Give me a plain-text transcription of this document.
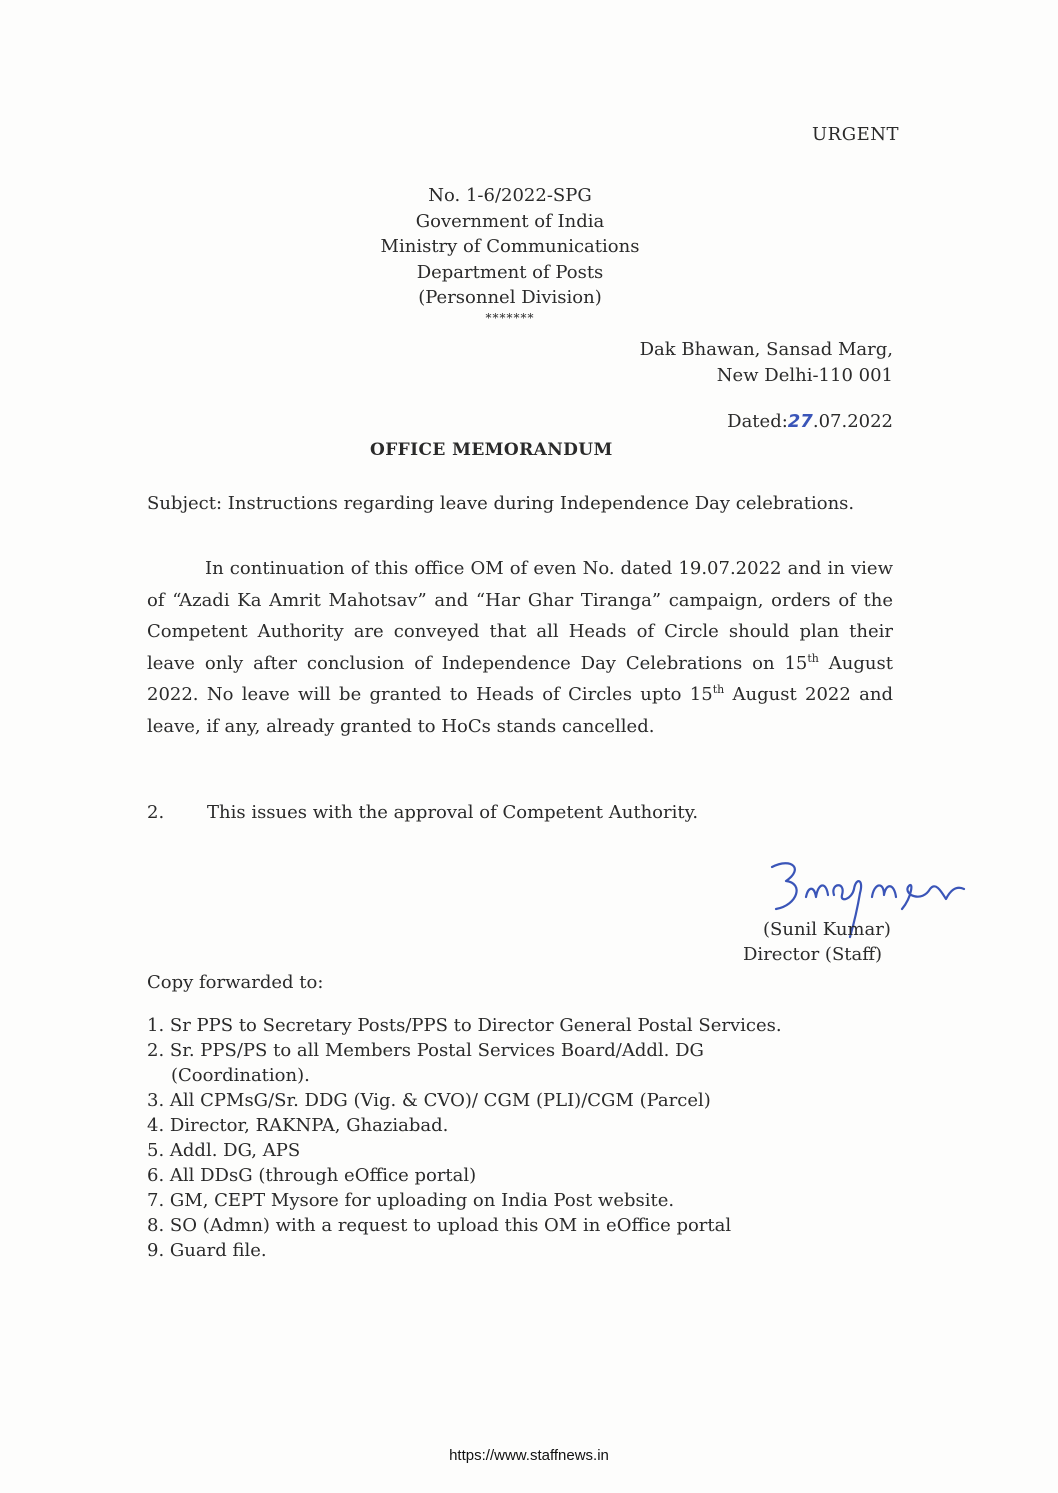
URGENT
No. 1-6/2022-SPG
Government of India
Ministry of Communications
Department of Posts
(Personnel Division)
*******
Dak Bhawan, Sansad Marg,
New Delhi-110 001
Dated:27.07.2022
OFFICE MEMORANDUM
Subject: Instructions regarding leave during Independence Day celebrations.
In continuation of this office OM of even No. dated 19.07.2022 and in view of “Azadi Ka Amrit Mahotsav” and “Har Ghar Tiranga” campaign, orders of the Competent Authority are conveyed that all Heads of Circle should plan their leave only after conclusion of Independence Day Celebrations on 15th August 2022. No leave will be granted to Heads of Circles upto 15th August 2022 and leave, if any, already granted to HoCs stands cancelled.
2. This issues with the approval of Competent Authority.
(Sunil Kumar)
Director (Staff)
Copy forwarded to:
1. Sr PPS to Secretary Posts/PPS to Director General Postal Services.
2. Sr. PPS/PS to all Members Postal Services Board/Addl. DG
(Coordination).
3. All CPMsG/Sr. DDG (Vig. & CVO)/ CGM (PLI)/CGM (Parcel)
4. Director, RAKNPA, Ghaziabad.
5. Addl. DG, APS
6. All DDsG (through eOffice portal)
7. GM, CEPT Mysore for uploading on India Post website.
8. SO (Admn) with a request to upload this OM in eOffice portal
9. Guard file.
https://www.staffnews.in
